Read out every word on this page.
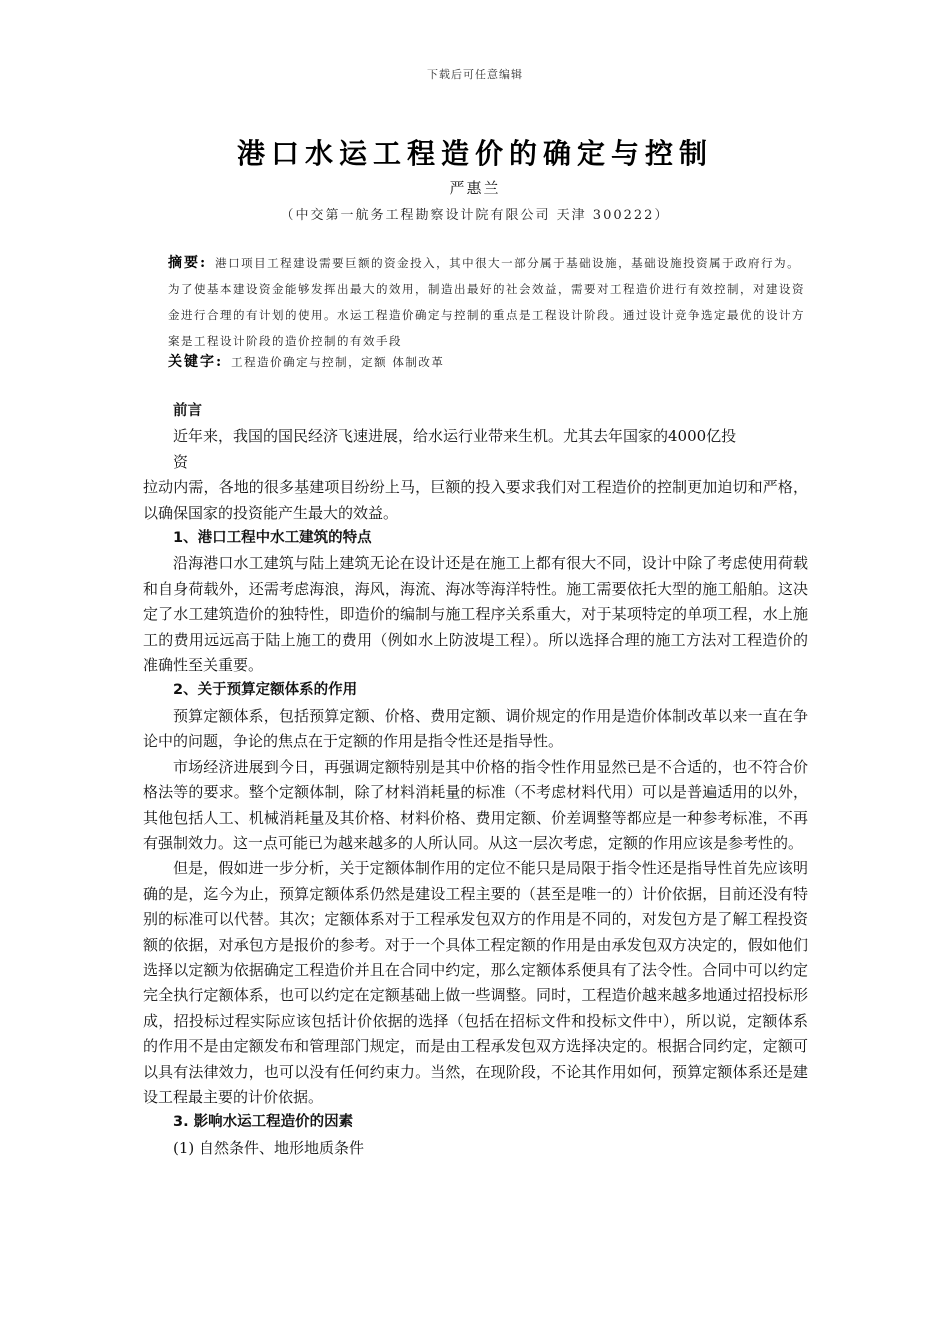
下载后可任意编辑
港口水运工程造价的确定与控制
严惠兰
（中交第一航务工程勘察设计院有限公司 天津 300222）
摘要: 港口项目工程建设需要巨额的资金投入，其中很大一部分属于基础设施，基础设施投资属于政府行为。为了使基本建设资金能够发挥出最大的效用，制造出最好的社会效益，需要对工程造价进行有效控制，对建设资金进行合理的有计划的使用。水运工程造价确定与控制的重点是工程设计阶段。通过设计竞争选定最优的设计方案是工程设计阶段的造价控制的有效手段
关键字: 工程造价确定与控制，定额 体制改革

前言

近年来，我国的国民经济飞速进展，给水运行业带来生机。尤其去年国家的4000亿投

资

拉动内需，各地的很多基建项目纷纷上马，巨额的投入要求我们对工程造价的控制更加迫切和严格，以确保国家的投资能产生最大的效益。

1、港口工程中水工建筑的特点

沿海港口水工建筑与陆上建筑无论在设计还是在施工上都有很大不同，设计中除了考虑使用荷载和自身荷载外，还需考虑海浪，海风，海流、海冰等海洋特性。施工需要依托大型的施工船舶。这决定了水工建筑造价的独特性，即造价的编制与施工程序关系重大，对于某项特定的单项工程，水上施工的费用远远高于陆上施工的费用（例如水上防波堤工程）。所以选择合理的施工方法对工程造价的准确性至关重要。

2、关于预算定额体系的作用

预算定额体系，包括预算定额、价格、费用定额、调价规定的作用是造价体制改革以来一直在争论中的问题，争论的焦点在于定额的作用是指令性还是指导性。

市场经济进展到今日，再强调定额特别是其中价格的指令性作用显然已是不合适的，也不符合价格法等的要求。整个定额体制，除了材料消耗量的标准（不考虑材料代用）可以是普遍适用的以外，其他包括人工、机械消耗量及其价格、材料价格、费用定额、价差调整等都应是一种参考标准，不再有强制效力。这一点可能已为越来越多的人所认同。从这一层次考虑，定额的作用应该是参考性的。

但是，假如进一步分析，关于定额体制作用的定位不能只是局限于指令性还是指导性首先应该明确的是，迄今为止，预算定额体系仍然是建设工程主要的（甚至是唯一的）计价依据，目前还没有特别的标准可以代替。其次；定额体系对于工程承发包双方的作用是不同的，对发包方是了解工程投资额的依据，对承包方是报价的参考。对于一个具体工程定额的作用是由承发包双方决定的，假如他们选择以定额为依据确定工程造价并且在合同中约定，那么定额体系便具有了法令性。合同中可以约定完全执行定额体系，也可以约定在定额基础上做一些调整。同时，工程造价越来越多地通过招投标形成，招投标过程实际应该包括计价依据的选择（包括在招标文件和投标文件中），所以说，定额体系的作用不是由定额发布和管理部门规定，而是由工程承发包双方选择决定的。根据合同约定，定额可以具有法律效力，也可以没有任何约束力。当然，在现阶段，不论其作用如何，预算定额体系还是建设工程最主要的计价依据。

3. 影响水运工程造价的因素

(1) 自然条件、地形地质条件
